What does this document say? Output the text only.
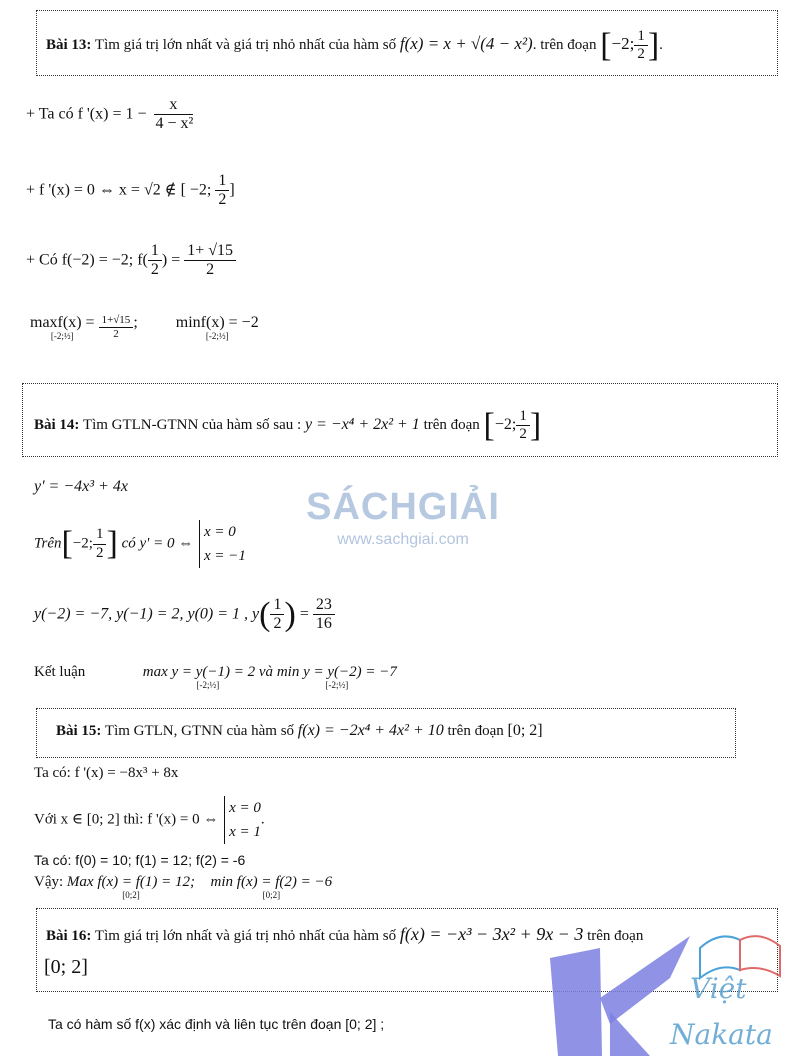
Bài 13: Tìm giá trị lớn nhất và giá trị nhỏ nhất của hàm số f(x) = x + √(4 − x²). trên đoạn [−2; $\frac{1}{2}$ ].
+ Ta có f '$(x) = 1 - \frac{x}{\text{4 − x²}}$
+ f '(x) = 0 ⇔ x = √2 ∉ [ −2; $\frac{1}{2}$ ]
+ Có f(−2) = −2; $f( \frac{1}{2}$ ) = $\frac{1+ √15}{2}$
maxf(x) =
[-2;½]
$\frac{1+√15}{2}$ ; minf(x) = −2
[-2;½]
Bài 14: Tìm GTLN-GTNN của hàm số sau : y = −x⁴ + 2x² + 1 trên đoạn [−2; $\frac{1}{2}$ ]
y' = −4x³ + 4x
Trên[−2; $\frac{1}{2}$ ] có y' = 0 ⇔
x = 0
x = −1
y(−2) = −7, y(−1) = 2, y(0) = 1 , $y( \frac{1}{2}$ ) = $\frac{23}{16}$
Kết luận	max y = y(−1) = 2 và
[-2;½]

min y = y(−2) = −7
[-2;½]
Bài 15: Tìm GTLN, GTNN của hàm số f(x) = −2x⁴ + 4x² + 10 trên đoạn [0; 2]
Ta có: f '(x) = −8x³ + 8x
Với x ∈ [0; 2] thì: f '(x) = 0 ⇔
x = 0
x = 1
.
Ta có: f(0) = 10; f(1) = 12; f(2) = -6
Vậy: Max f(x) = f(1) = 12;
[0;2]

min f(x) = f(2) = −6
[0;2]
Bài 16: Tìm giá trị lớn nhất và giá trị nhỏ nhất của hàm số f(x) = −x³ − 3x² + 9x − 3 trên đoạn
[0; 2]
Ta có hàm số f(x) xác định và liên tục trên đoạn [0; 2] ;
SÁCHGIẢI
www.sachgiai.com
Việt
Nakata
